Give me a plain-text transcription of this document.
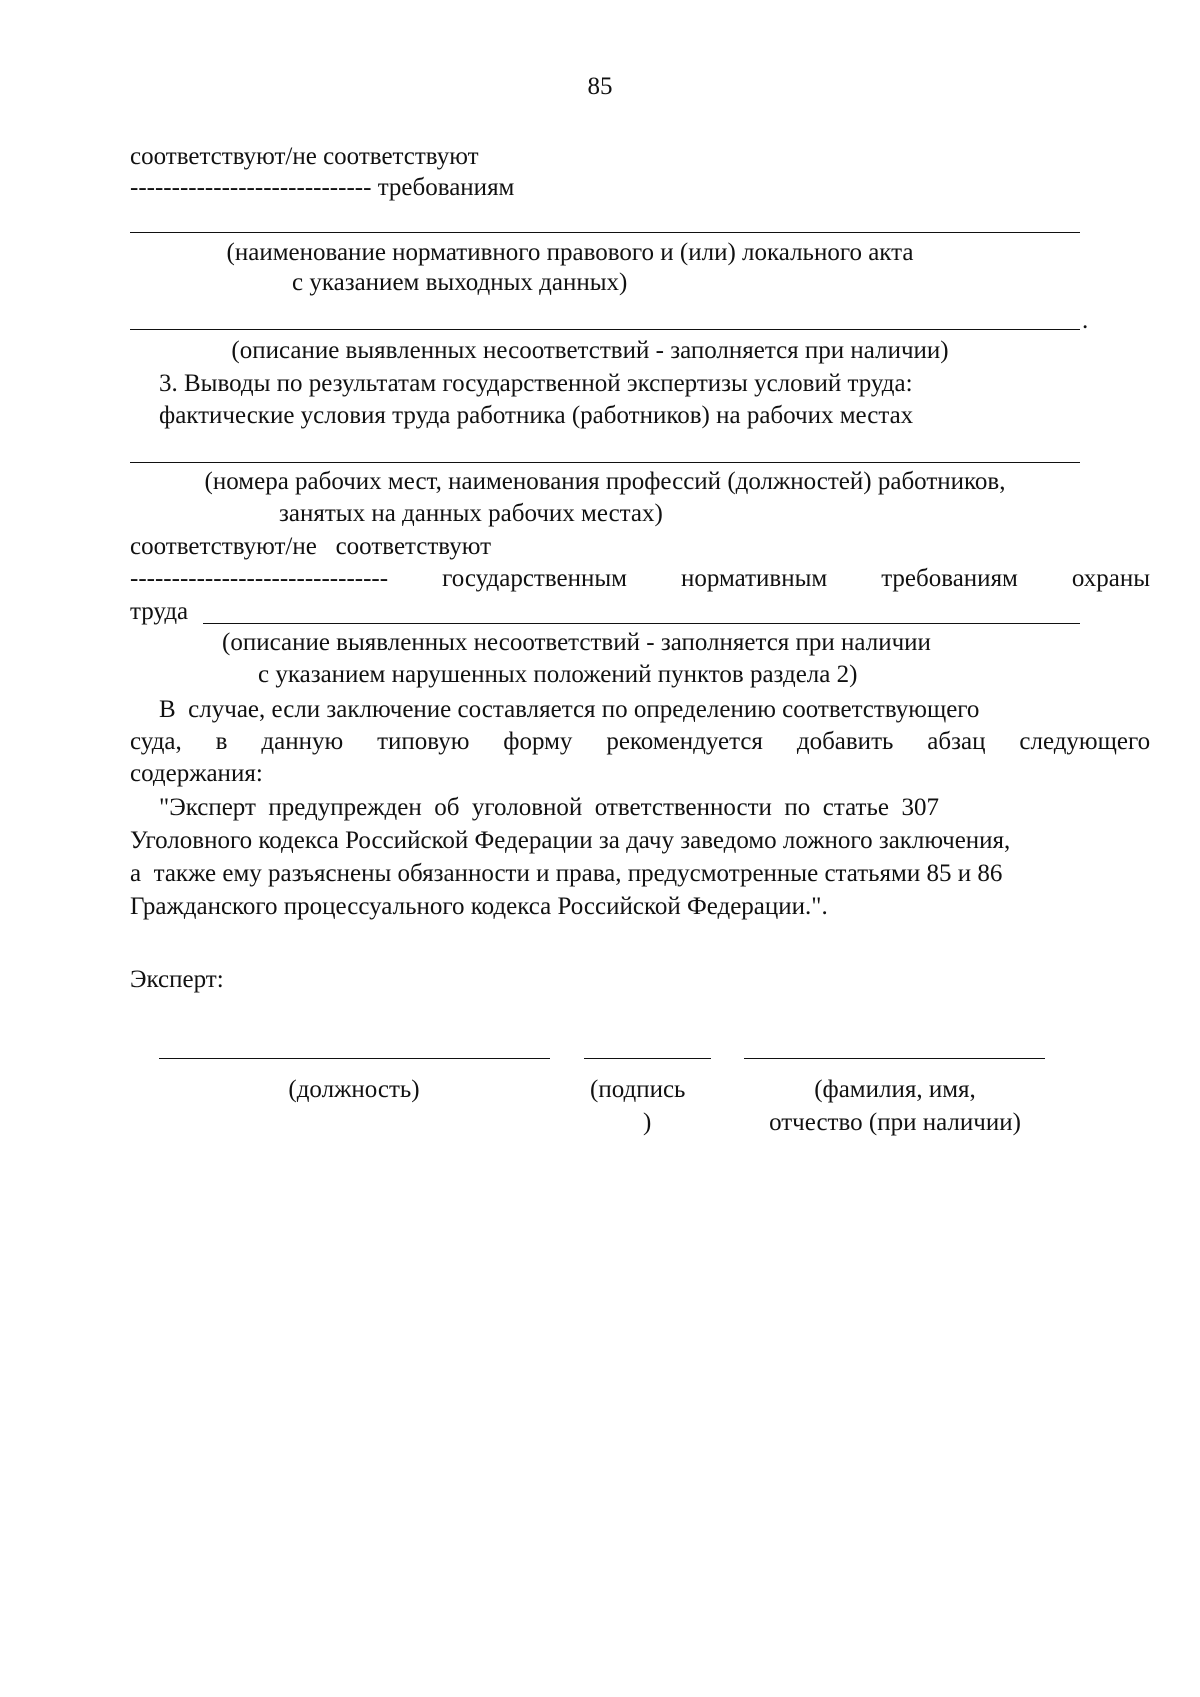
85
соответствуют/не соответствуют
----------------------------- требованиям
(наименование нормативного правового и (или) локального акта
с указанием выходных данных)
.
(описание выявленных несоответствий - заполняется при наличии)
3. Выводы по результатам государственной экспертизы условий труда:
фактические условия труда работника (работников) на рабочих местах
(номера рабочих мест, наименования профессий (должностей) работников,
занятых на данных рабочих местах)
соответствуют/не   соответствуют
------------------------------- государственным нормативным требованиям охраны
труда
(описание выявленных несоответствий - заполняется при наличии
с указанием нарушенных положений пунктов раздела 2)
В  случае, если заключение составляется по определению соответствующего
суда, в данную типовую форму рекомендуется добавить абзац следующего
содержания:
"Эксперт  предупрежден  об  уголовной  ответственности  по  статье  307
Уголовного кодекса Российской Федерации за дачу заведомо ложного заключения,
а  также ему разъяснены обязанности и права, предусмотренные статьями 85 и 86
Гражданского процессуального кодекса Российской Федерации.".
Эксперт:
(должность)	(подпись
)
(фамилия, имя,
отчество (при наличии)
